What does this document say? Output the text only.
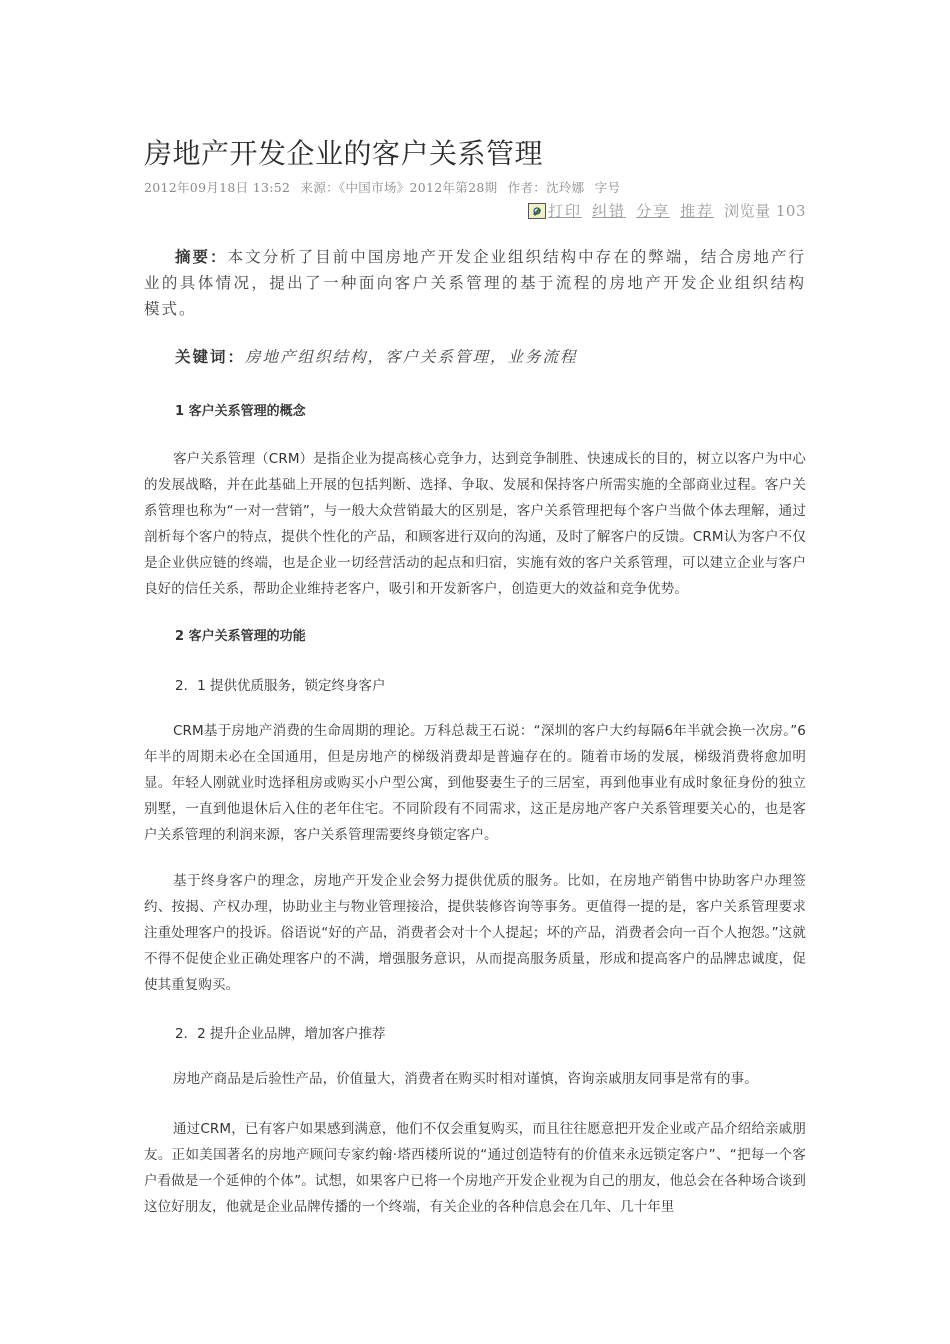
房地产开发企业的客户关系管理
2012年09月18日 13:52 来源：《中国市场》2012年第28期 作者：沈玲娜 字号
打印 纠错 分享 推荐 浏览量 103
摘要：本文分析了目前中国房地产开发企业组织结构中存在的弊端，结合房地产行业的具体情况，提出了一种面向客户关系管理的基于流程的房地产开发企业组织结构模式。
关键词：房地产组织结构，客户关系管理，业务流程
1 客户关系管理的概念
客户关系管理（CRM）是指企业为提高核心竞争力，达到竞争制胜、快速成长的目的，树立以客户为中心的发展战略，并在此基础上开展的包括判断、选择、争取、发展和保持客户所需实施的全部商业过程。客户关系管理也称为“一对一营销”，与一般大众营销最大的区别是，客户关系管理把每个客户当做个体去理解，通过剖析每个客户的特点，提供个性化的产品，和顾客进行双向的沟通，及时了解客户的反馈。CRM认为客户不仅是企业供应链的终端，也是企业一切经营活动的起点和归宿，实施有效的客户关系管理，可以建立企业与客户良好的信任关系，帮助企业维持老客户，吸引和开发新客户，创造更大的效益和竞争优势。
2 客户关系管理的功能
2．1 提供优质服务，锁定终身客户
CRM基于房地产消费的生命周期的理论。万科总裁王石说：“深圳的客户大约每隔6年半就会换一次房。”6年半的周期未必在全国通用，但是房地产的梯级消费却是普遍存在的。随着市场的发展，梯级消费将愈加明显。年轻人刚就业时选择租房或购买小户型公寓，到他娶妻生子的三居室，再到他事业有成时象征身份的独立别墅，一直到他退休后入住的老年住宅。不同阶段有不同需求，这正是房地产客户关系管理要关心的，也是客户关系管理的利润来源，客户关系管理需要终身锁定客户。
基于终身客户的理念，房地产开发企业会努力提供优质的服务。比如，在房地产销售中协助客户办理签约、按揭、产权办理，协助业主与物业管理接洽，提供装修咨询等事务。更值得一提的是，客户关系管理要求注重处理客户的投诉。俗语说“好的产品，消费者会对十个人提起；坏的产品，消费者会向一百个人抱怨。”这就不得不促使企业正确处理客户的不满，增强服务意识，从而提高服务质量，形成和提高客户的品牌忠诚度，促使其重复购买。
2．2 提升企业品牌，增加客户推荐
房地产商品是后验性产品，价值量大，消费者在购买时相对谨慎，咨询亲戚朋友同事是常有的事。
通过CRM，已有客户如果感到满意，他们不仅会重复购买，而且往往愿意把开发企业或产品介绍给亲戚朋友。正如美国著名的房地产顾问专家约翰·塔西楼所说的“通过创造特有的价值来永远锁定客户”、“把每一个客户看做是一个延伸的个体”。试想，如果客户已将一个房地产开发企业视为自己的朋友，他总会在各种场合谈到这位好朋友，他就是企业品牌传播的一个终端，有关企业的各种信息会在几年、几十年里
